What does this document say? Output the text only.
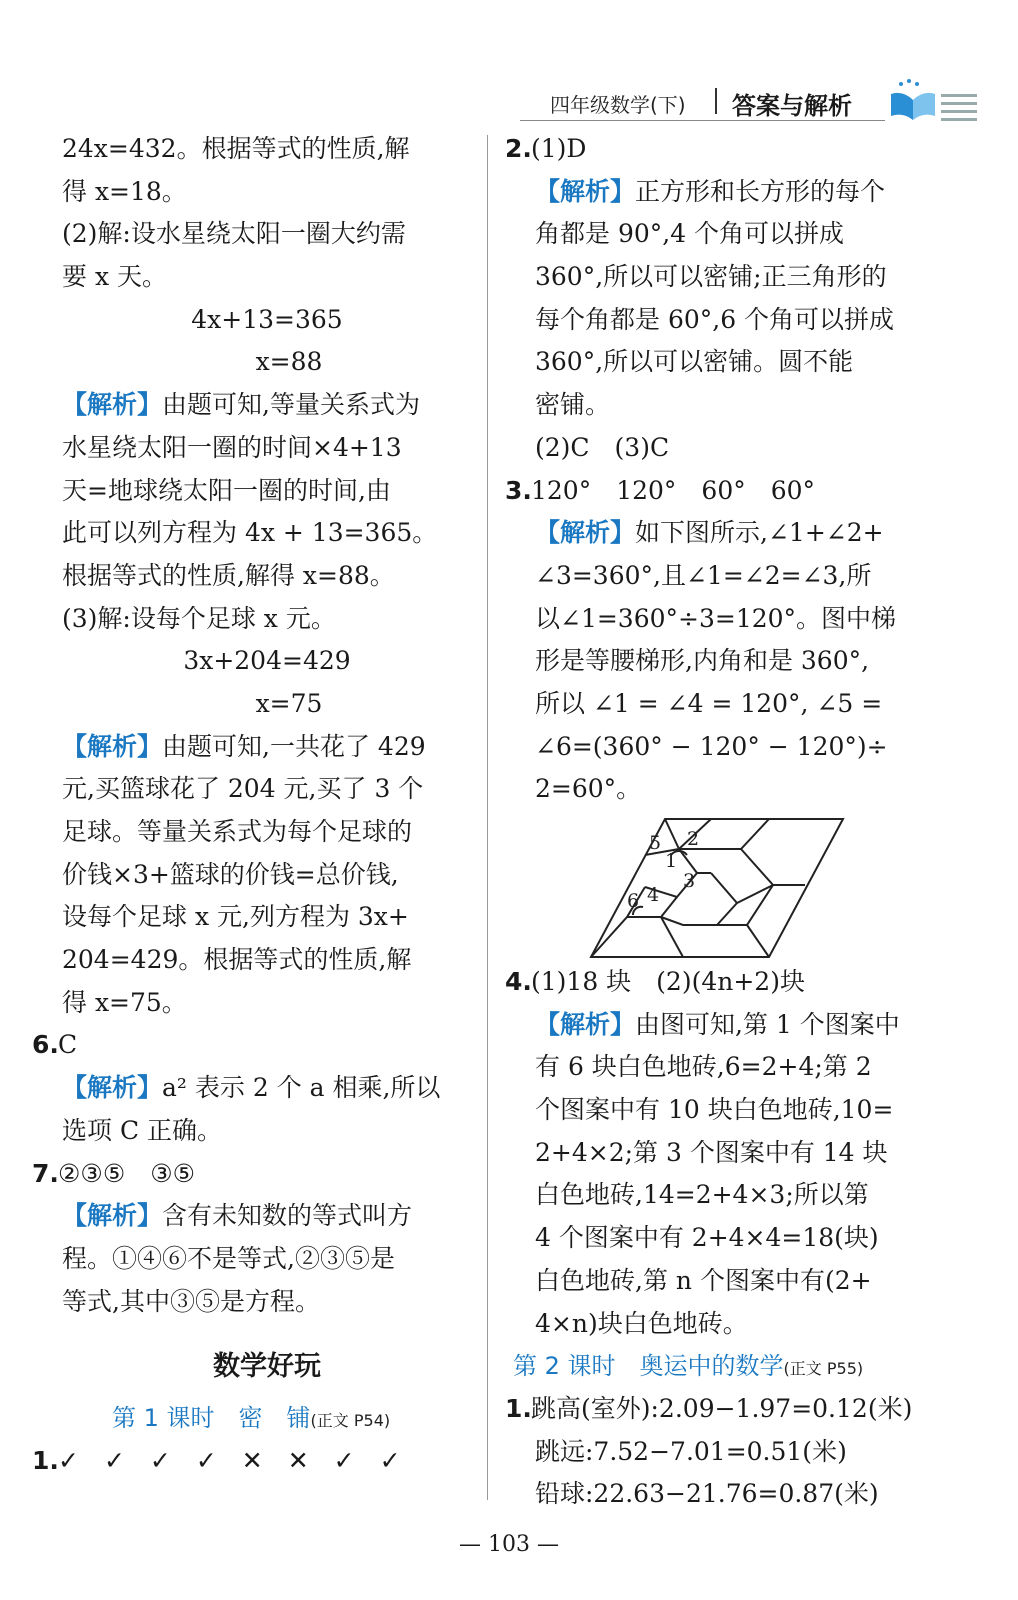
四年级数学(下) 答案与解析
24x=432。根据等式的性质,解
得 x=18。
(2)解:设水星绕太阳一圈大约需
要 x 天。
4x+13=365
x=88
【解析】由题可知,等量关系式为
水星绕太阳一圈的时间×4+13
天=地球绕太阳一圈的时间,由
此可以列方程为 4x + 13=365。
根据等式的性质,解得 x=88。
(3)解:设每个足球 x 元。
3x+204=429
x=75
【解析】由题可知,一共花了 429
元,买篮球花了 204 元,买了 3 个
足球。等量关系式为每个足球的
价钱×3+篮球的价钱=总价钱,
设每个足球 x 元,列方程为 3x+
204=429。根据等式的性质,解
得 x=75。
6.C
【解析】a² 表示 2 个 a 相乘,所以
选项 C 正确。
7.②③⑤　③⑤
【解析】含有未知数的等式叫方
程。①④⑥不是等式,②③⑤是
等式,其中③⑤是方程。
数学好玩
第 1 课时　密　铺(正文 P54)
1.✓　✓　✓　✓　✕　✕　✓　✓
2.(1)D
【解析】正方形和长方形的每个
角都是 90°,4 个角可以拼成
360°,所以可以密铺;正三角形的
每个角都是 60°,6 个角可以拼成
360°,所以可以密铺。圆不能
密铺。
(2)C　(3)C
3.120°　120°　60°　60°
【解析】如下图所示,∠1+∠2+
∠3=360°,且∠1=∠2=∠3,所
以∠1=360°÷3=120°。图中梯
形是等腰梯形,内角和是 360°,
所以 ∠1 = ∠4 = 120°, ∠5 =
∠6=(360° − 120° − 120°)÷
2=60°。
5 2
1
6 4
3
4.(1)18 块　(2)(4n+2)块
【解析】由图可知,第 1 个图案中
有 6 块白色地砖,6=2+4;第 2
个图案中有 10 块白色地砖,10=
2+4×2;第 3 个图案中有 14 块
白色地砖,14=2+4×3;所以第
4 个图案中有 2+4×4=18(块)
白色地砖,第 n 个图案中有(2+
4×n)块白色地砖。
第 2 课时　奥运中的数学(正文 P55)
1.跳高(室外):2.09−1.97=0.12(米)
跳远:7.52−7.01=0.51(米)
铅球:22.63−21.76=0.87(米)
— 103 —
